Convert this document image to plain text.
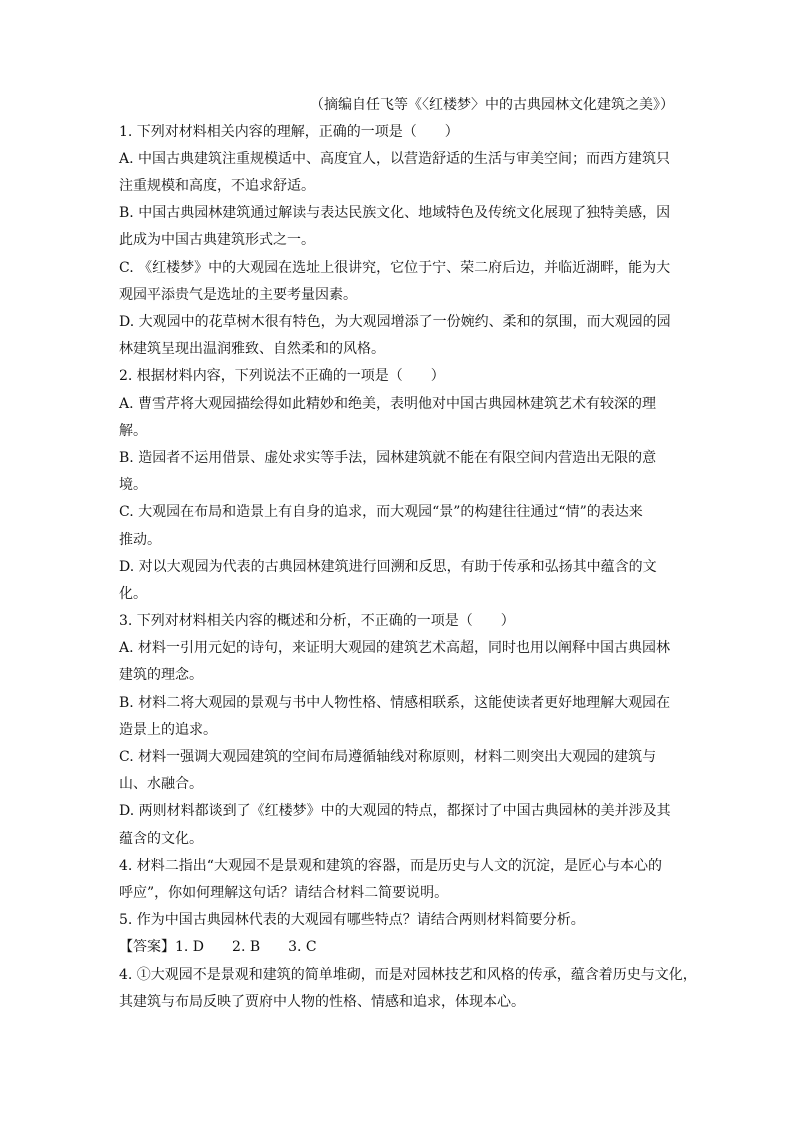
（摘编自任飞等《〈红楼梦〉中的古典园林文化建筑之美》）
1. 下列对材料相关内容的理解，正确的一项是（　　）
A. 中国古典建筑注重规模适中、高度宜人，以营造舒适的生活与审美空间；而西方建筑只
注重规模和高度，不追求舒适。
B. 中国古典园林建筑通过解读与表达民族文化、地域特色及传统文化展现了独特美感，因
此成为中国古典建筑形式之一。
C. 《红楼梦》中的大观园在选址上很讲究，它位于宁、荣二府后边，并临近湖畔，能为大
观园平添贵气是选址的主要考量因素。
D. 大观园中的花草树木很有特色，为大观园增添了一份婉约、柔和的氛围，而大观园的园
林建筑呈现出温润雅致、自然柔和的风格。
2. 根据材料内容，下列说法不正确的一项是（　　）
A. 曹雪芹将大观园描绘得如此精妙和绝美，表明他对中国古典园林建筑艺术有较深的理
解。
B. 造园者不运用借景、虚处求实等手法，园林建筑就不能在有限空间内营造出无限的意
境。
C. 大观园在布局和造景上有自身的追求，而大观园“景”的构建往往通过“情”的表达来
推动。
D. 对以大观园为代表的古典园林建筑进行回溯和反思，有助于传承和弘扬其中蕴含的文
化。
3. 下列对材料相关内容的概述和分析，不正确的一项是（　　）
A. 材料一引用元妃的诗句，来证明大观园的建筑艺术高超，同时也用以阐释中国古典园林
建筑的理念。
B. 材料二将大观园的景观与书中人物性格、情感相联系，这能使读者更好地理解大观园在
造景上的追求。
C. 材料一强调大观园建筑的空间布局遵循轴线对称原则，材料二则突出大观园的建筑与
山、水融合。
D. 两则材料都谈到了《红楼梦》中的大观园的特点，都探讨了中国古典园林的美并涉及其
蕴含的文化。
4. 材料二指出“大观园不是景观和建筑的容器，而是历史与人文的沉淀，是匠心与本心的
呼应”，你如何理解这句话？请结合材料二简要说明。
5. 作为中国古典园林代表的大观园有哪些特点？请结合两则材料简要分析。
【答案】1. D　　2. B　　3. C
4. ①大观园不是景观和建筑的简单堆砌，而是对园林技艺和风格的传承，蕴含着历史与文化，
其建筑与布局反映了贾府中人物的性格、情感和追求，体现本心。
